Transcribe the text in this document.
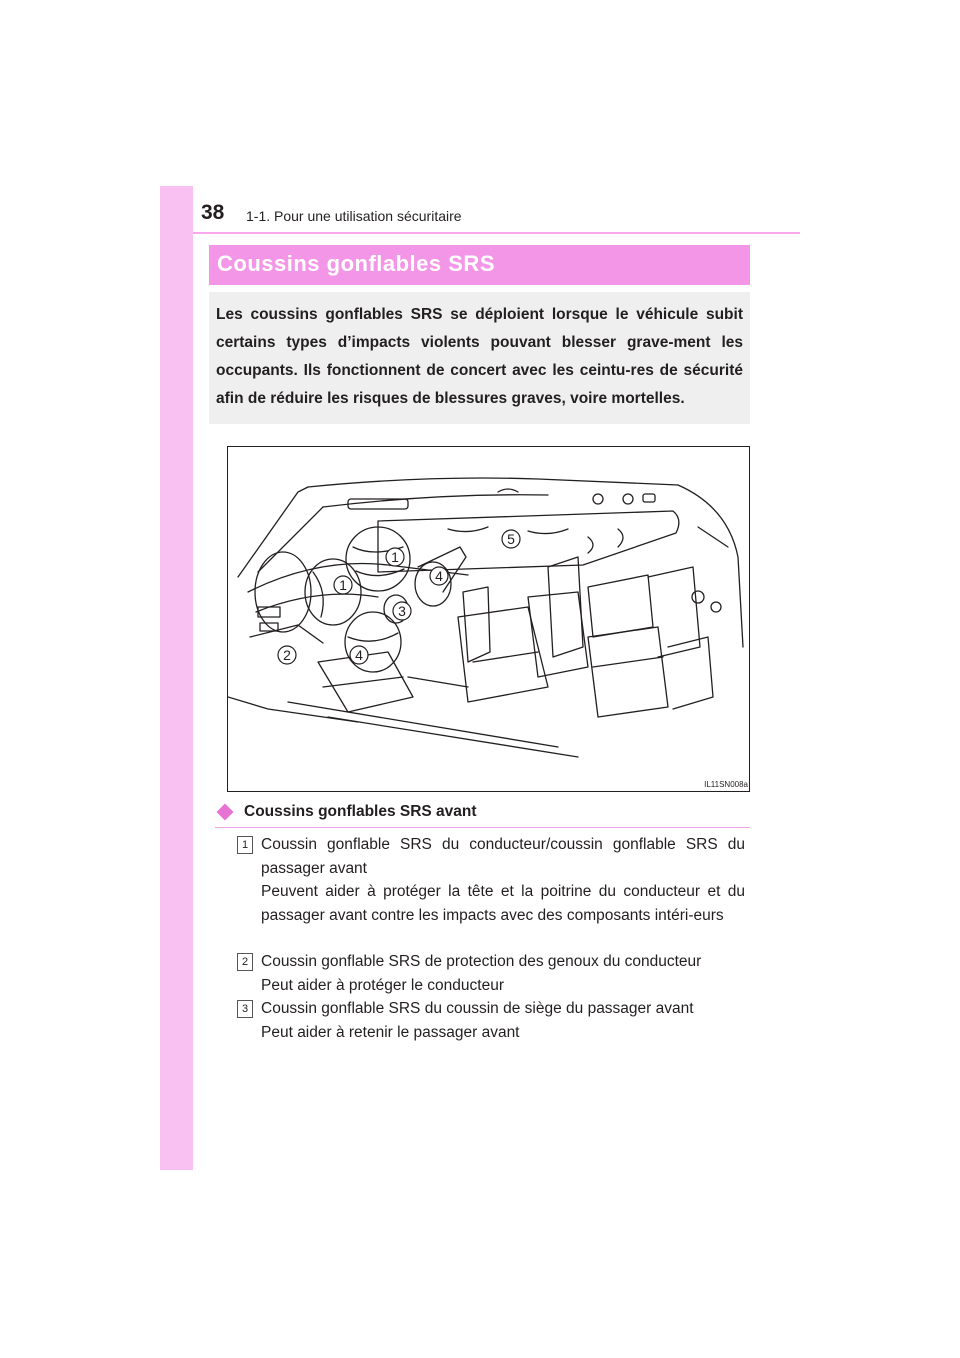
38 1-1. Pour une utilisation sécuritaire
Coussins gonflables SRS

Les coussins gonflables SRS se déploient lorsque le véhicule subit certains types d’impacts violents pouvant blesser grave-ment les occupants. Ils fonctionnent de concert avec les ceintu-res de sécurité afin de réduire les risques de blessures graves, voire mortelles.

1
1
2
3
4
4
5
IL11SN008a
Coussins gonflables SRS avant
1 Coussin gonflable SRS du conducteur/coussin gonflable SRS du passager avant
Peuvent aider à protéger la tête et la poitrine du conducteur et du passager avant contre les impacts avec des composants intéri-eurs
2 Coussin gonflable SRS de protection des genoux du conducteur
Peut aider à protéger le conducteur
3 Coussin gonflable SRS du coussin de siège du passager avant
Peut aider à retenir le passager avant
